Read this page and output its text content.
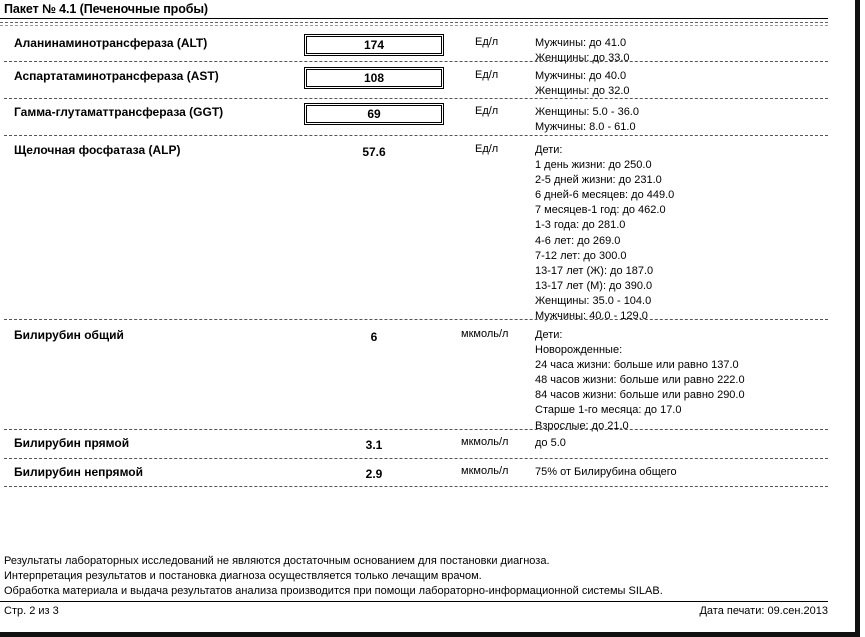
Пакет № 4.1 (Печеночные пробы)
Аланинаминотрансфераза (ALT)	174	Ед/л	Мужчины: до 41.0
Женщины: до 33.0
Аспартатаминотрансфераза (AST)	108	Ед/л	Мужчины: до 40.0
Женщины: до 32.0
Гамма-глутаматтрансфераза (GGT)	69	Ед/л	Женщины: 5.0 - 36.0
Мужчины: 8.0 - 61.0
Щелочная фосфатаза (ALP)	57.6	Ед/л	Дети:
1 день жизни: до 250.0
2-5 дней жизни: до 231.0
6 дней-6 месяцев: до 449.0
7 месяцев-1 год: до 462.0
1-3 года: до 281.0
4-6 лет: до 269.0
7-12 лет: до 300.0
13-17 лет (Ж): до 187.0
13-17 лет (М): до 390.0
Женщины: 35.0 - 104.0
Мужчины: 40.0 - 129.0
Билирубин общий	6	мкмоль/л Дети:
Новорожденные:
24 часа жизни: больше или равно 137.0
48 часов жизни: больше или равно 222.0
84 часов жизни: больше или равно 290.0
Старше 1-го месяца: до 17.0
Взрослые: до 21.0
Билирубин прямой	3.1	мкмоль/л до 5.0
Билирубин непрямой	2.9	мкмоль/л 75% от Билирубина общего
Результаты лабораторных исследований не являются достаточным основанием для постановки диагноза.
Интерпретация результатов и постановка диагноза осуществляется только лечащим врачом.
Обработка материала и выдача результатов анализа производится при помощи лабораторно-информационной системы SILAB.
Стр. 2 из 3	Дата печати: 09.сен.2013
